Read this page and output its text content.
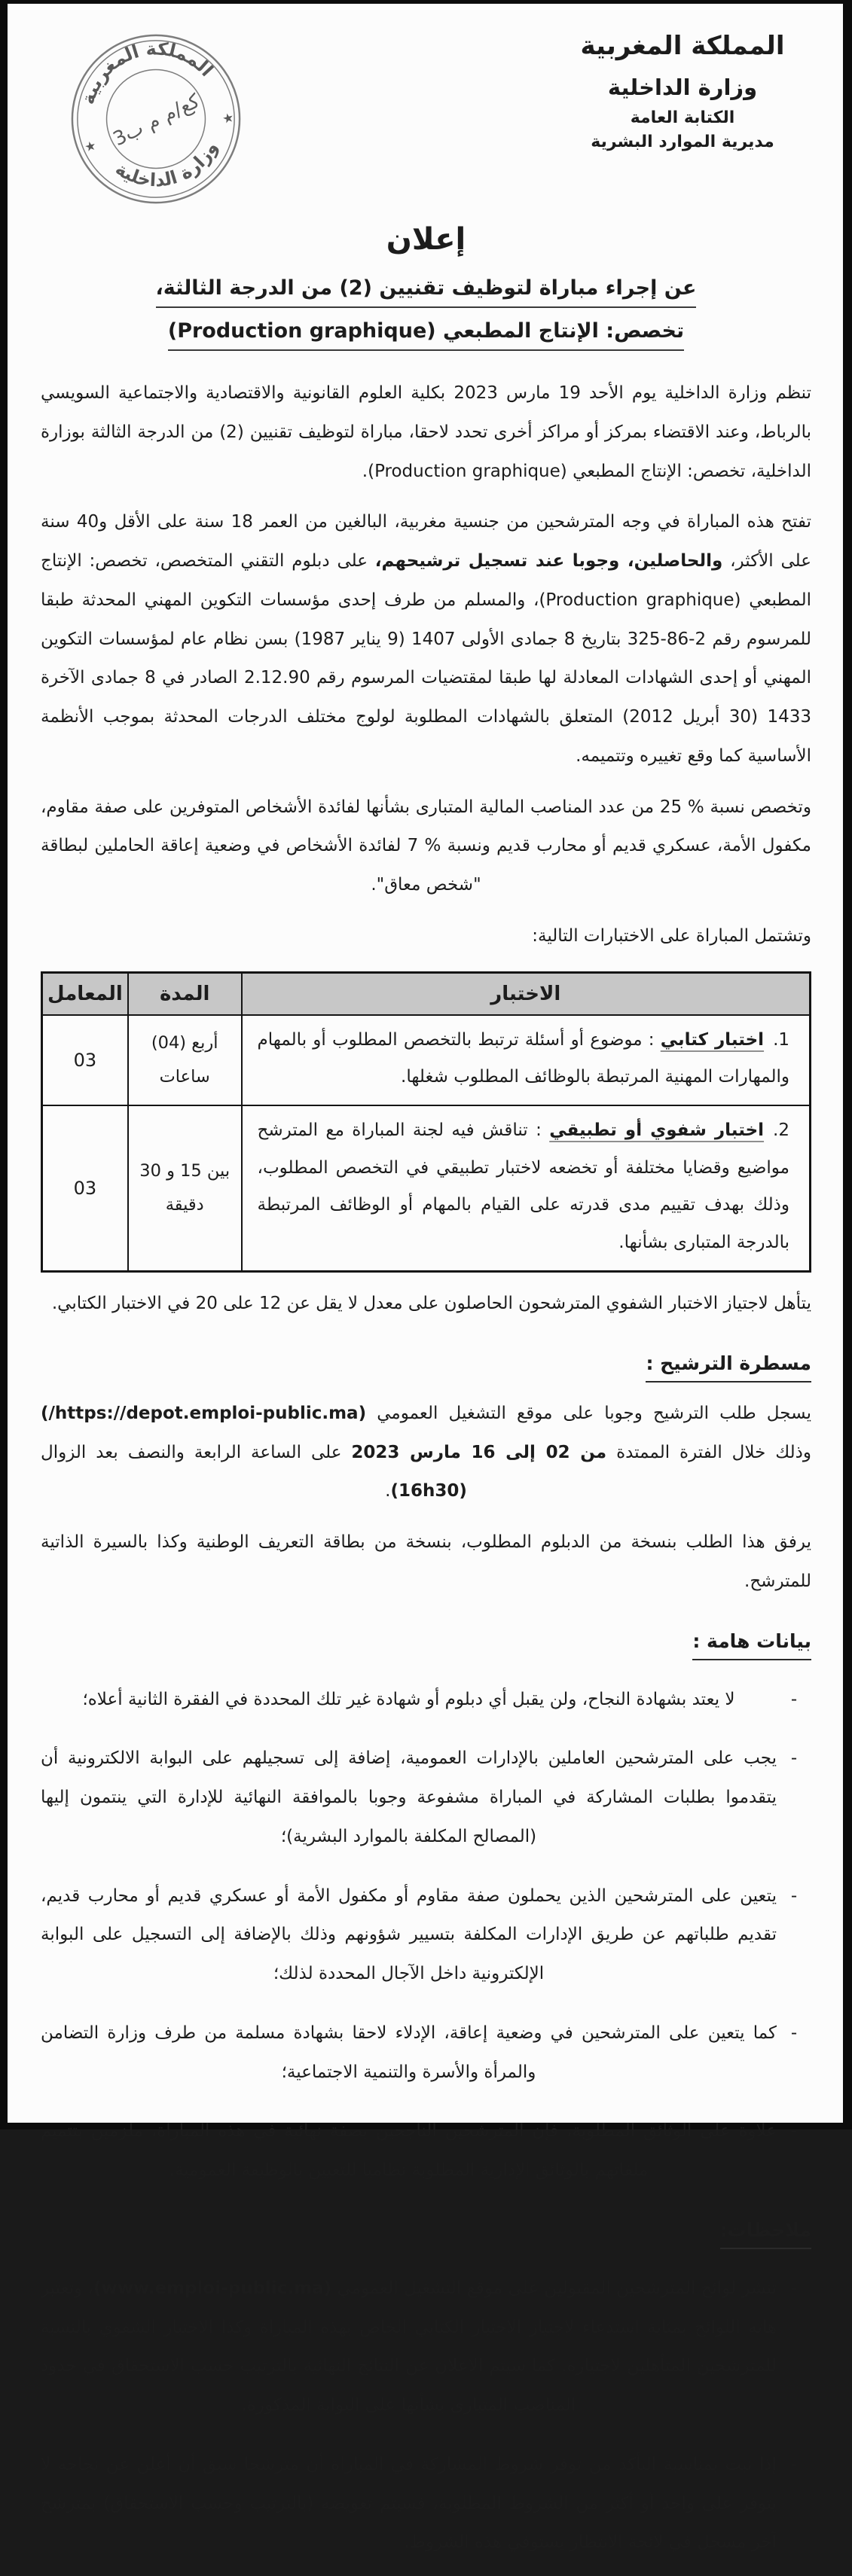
المملكة المغربية
وزارة الداخلية
★
★
كع/م م ب3
المملكة المغربية
وزارة الداخلية
الكتابة العامة
مديرية الموارد البشرية
إعلان
عن إجراء مباراة لتوظيف تقنيين (2) من الدرجة الثالثة،
تخصص: الإنتاج المطبعي (Production graphique)

تنظم وزارة الداخلية يوم الأحد 19 مارس 2023 بكلية العلوم القانونية والاقتصادية والاجتماعية السويسي بالرباط، وعند الاقتضاء بمركز أو مراكز أخرى تحدد لاحقا، مباراة لتوظيف تقنيين (2) من الدرجة الثالثة بوزارة الداخلية، تخصص: الإنتاج المطبعي (Production graphique).

تفتح هذه المباراة في وجه المترشحين من جنسية مغربية، البالغين من العمر 18 سنة على الأقل و40 سنة على الأكثر، والحاصلين، وجوبا عند تسجيل ترشيحهم، على دبلوم التقني المتخصص، تخصص: الإنتاج المطبعي (Production graphique)، والمسلم من طرف إحدى مؤسسات التكوين المهني المحدثة طبقا للمرسوم رقم 2-86-325 بتاريخ 8 جمادى الأولى 1407 (9 يناير 1987) بسن نظام عام لمؤسسات التكوين المهني أو إحدى الشهادات المعادلة لها طبقا لمقتضيات المرسوم رقم 2.12.90 الصادر في 8 جمادى الآخرة 1433 (30 أبريل 2012) المتعلق بالشهادات المطلوبة لولوج مختلف الدرجات المحدثة بموجب الأنظمة الأساسية كما وقع تغييره وتتميمه.

وتخصص نسبة % 25 من عدد المناصب المالية المتبارى بشأنها لفائدة الأشخاص المتوفرين على صفة مقاوم، مكفول الأمة، عسكري قديم أو محارب قديم ونسبة % 7 لفائدة الأشخاص في وضعية إعاقة الحاملين لبطاقة "شخص معاق".

وتشتمل المباراة على الاختبارات التالية:

الاختبار	المدة	المعامل
1.اختبار كتابي : موضوع أو أسئلة ترتبط بالتخصص المطلوب أو بالمهام والمهارات المهنية المرتبطة بالوظائف المطلوب شغلها.	أربع (04) ساعات	03
2.اختبار شفوي أو تطبيقي : تناقش فيه لجنة المباراة مع المترشح مواضيع وقضايا مختلفة أو تخضعه لاختبار تطبيقي في التخصص المطلوب، وذلك بهدف تقييم مدى قدرته على القيام بالمهام أو الوظائف المرتبطة بالدرجة المتبارى بشأنها.	بين 15 و 30 دقيقة	03

يتأهل لاجتياز الاختبار الشفوي المترشحون الحاصلون على معدل لا يقل عن 12 على 20 في الاختبار الكتابي.

مسطرة الترشيح :

يسجل طلب الترشيح وجوبا على موقع التشغيل العمومي (https://depot.emploi-public.ma/) وذلك خلال الفترة الممتدة من 02 إلى 16 مارس 2023 على الساعة الرابعة والنصف بعد الزوال (16h30).

يرفق هذا الطلب بنسخة من الدبلوم المطلوب، بنسخة من بطاقة التعريف الوطنية وكذا بالسيرة الذاتية للمترشح.

بيانات هامة :
-
لا يعتد بشهادة النجاح، ولن يقبل أي دبلوم أو شهادة غير تلك المحددة في الفقرة الثانية أعلاه؛
-
يجب على المترشحين العاملين بالإدارات العمومية، إضافة إلى تسجيلهم على البوابة الالكترونية أن يتقدموا بطلبات المشاركة في المباراة مشفوعة وجوبا بالموافقة النهائية للإدارة التي ينتمون إليها (المصالح المكلفة بالموارد البشرية)؛
-
يتعين على المترشحين الذين يحملون صفة مقاوم أو مكفول الأمة أو عسكري قديم أو محارب قديم، تقديم طلباتهم عن طريق الإدارات المكلفة بتسيير شؤونهم وذلك بالإضافة إلى التسجيل على البوابة الإلكترونية داخل الآجال المحددة لذلك؛
-
كما يتعين على المترشحين في وضعية إعاقة، الإدلاء لاحقا بشهادة مسلمة من طرف وزارة التضامن والمرأة والأسرة والتنمية الاجتماعية؛
-
علاوة على الوثائق المطلوبة، فإن المترشحين الناجحين بصفة نهائية في هذه المباراة، ملزمين بتتميم ملفاتهم بالوثائق الإدارية المطلوبة نظاميا للتعيين بالوظيفة العمومية.
ملاحظات:
-
تنشر لوائح المترشحين المقبولين على موقع التشغيل العمومي (www.emploi-public.ma)، وتعتبر هاته اللوائح بمثابة استدعاء لاجتياز الاختبار الكتابي الخاص بهذه المباراة وكذا الاختبار الشفوي بالنسبة للمترشحين المتأهلين لاجتيازه. كما سيتم الاعلان عن النتائج النهائية بالترتيب حسب الاستحقاق في حدود المناصب المتبارى بشأنها على البوابة المذكورة.
-
إذا ثبت بمناسبة التأكد من توفر شروط المشاركة في المباراة أن مترشحا سبق أن أعلن عن نجاحه لا يتوفر على واحد أو أكثر من الشروط المطلوبة، فسيتم تعويضه (بالترتيب وحسب الاستحقاق) بمترشح آخر مسجل في لائحة الانتظار يستوفي هذه الشروط.
